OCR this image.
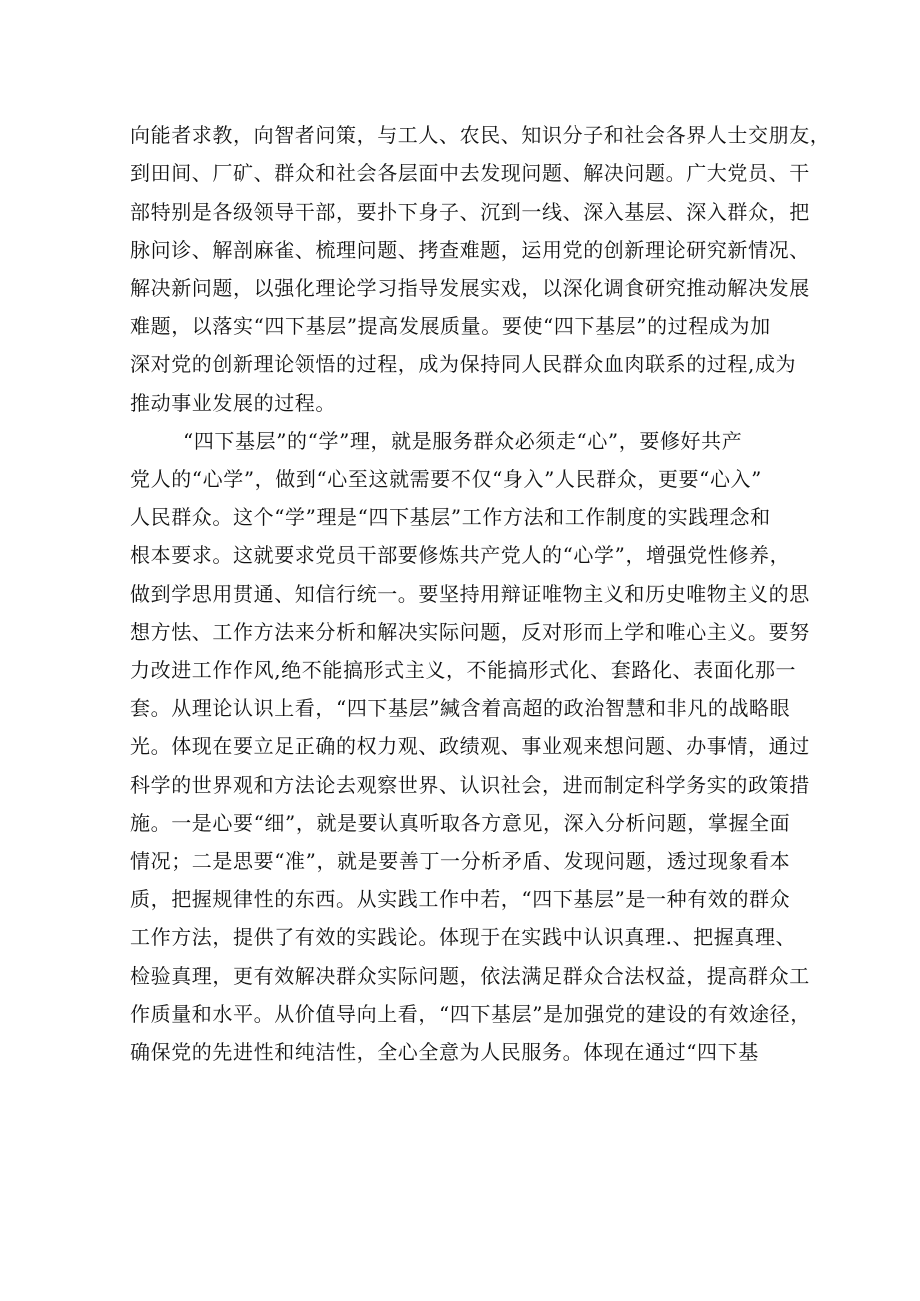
向能者求教，向智者问策，与工人、农民、知识分子和社会各界人士交朋友，
到田间、厂矿、群众和社会各层面中去发现问题、解决问题。广大党员、干
部特别是各级领导干部，要扑下身子、沉到一线、深入基层、深入群众，把
脉问诊、解剖麻雀、梳理问题、拷查难题，运用党的创新理论研究新情况、
解决新问题，以强化理论学习指导发展实戏，以深化调食研究推动解决发展
难题，以落实“四下基层”提高发展质量。要使“四下基层”的过程成为加
深对党的创新理论领悟的过程，成为保持同人民群众血肉联系的过程,成为
推动事业发展的过程。
“四下基层”的“学”理，就是服务群众必须走“心”，要修好共产
党人的“心学”，做到“心至这就需要不仅“身入”人民群众，更要“心入”
人民群众。这个“学”理是“四下基层”工作方法和工作制度的实践理念和
根本要求。这就要求党员干部要修炼共产党人的“心学”，增强党性修养，
做到学思用贯通、知信行统一。要坚持用辩证唯物主义和历史唯物主义的思
想方怯、工作方法来分析和解决实际问题，反对形而上学和唯心主义。要努
力改进工作作风,绝不能搞形式主义，不能搞形式化、套路化、表面化那一
套。从理论认识上看，“四下基层”緘含着高超的政治智慧和非凡的战略眼
光。体现在要立足正确的权力观、政绩观、事业观来想问题、办事情，通过
科学的世界观和方法论去观察世界、认识社会，进而制定科学务实的政策措
施。一是心要“细”，就是要认真听取各方意见，深入分析问题，掌握全面
情况；二是思要“准”，就是要善丁一分析矛盾、发现问题，透过现象看本
质，把握规律性的东西。从实践工作中若，“四下基层”是一种有效的群众
工作方法，提供了有效的实践论。体现于在实践中认识真理.、把握真理、
检验真理，更有效解决群众实际问题，依法满足群众合法权益，提高群众工
作质量和水平。从价值导向上看，“四下基层”是加强党的建设的有效途径，
确保党的先进性和纯洁性，全心全意为人民服务。体现在通过“四下基
